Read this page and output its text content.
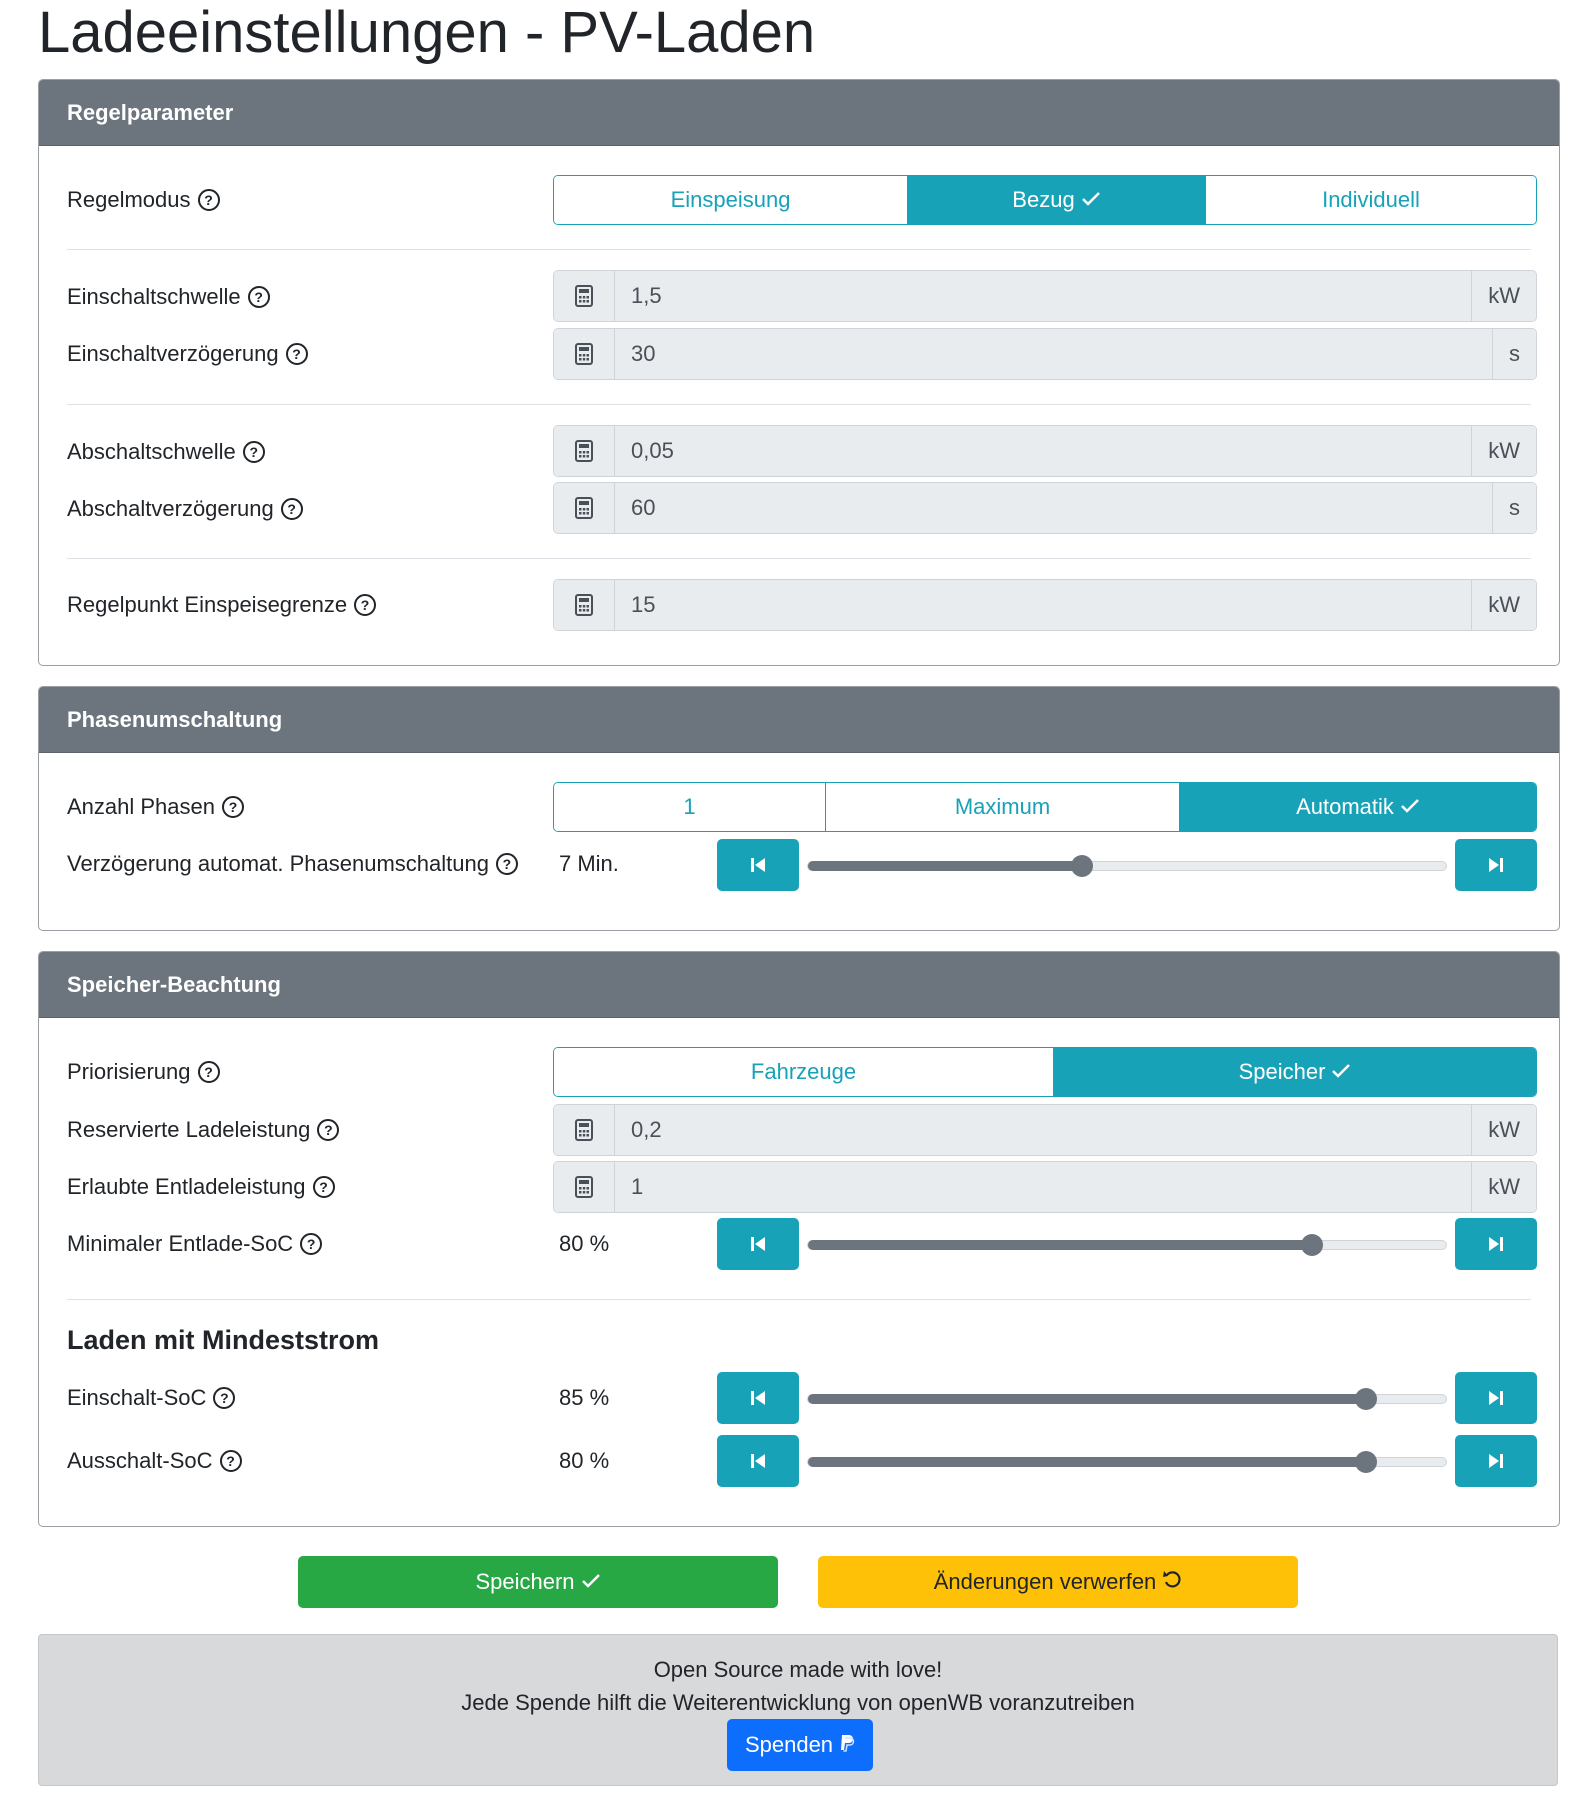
Ladeeinstellungen - PV-Laden
Regelparameter
Regelmodus ?	Einspeisung	Bezug	Individuell
Einschaltschwelle ?	1,5	kW
Einschaltverzögerung ?	30	s
Abschaltschwelle ?	0,05	kW
Abschaltverzögerung ?	60	s
Regelpunkt Einspeisegrenze ?	15	kW
Phasenumschaltung
Anzahl Phasen ?	1	Maximum	Automatik
Verzögerung automat. Phasenumschaltung ?	7 Min.
Speicher-Beachtung
Priorisierung ?	Fahrzeuge	Speicher
Reservierte Ladeleistung ?	0,2	kW
Erlaubte Entladeleistung ?	1	kW
Minimaler Entlade-SoC ?	80 %
Laden mit Mindeststrom
Einschalt-SoC ?	85 %
Ausschalt-SoC ?	80 %
Speichern	Änderungen verwerfen
Open Source made with love!
Jede Spende hilft die Weiterentwicklung von openWB voranzutreiben
Spenden
